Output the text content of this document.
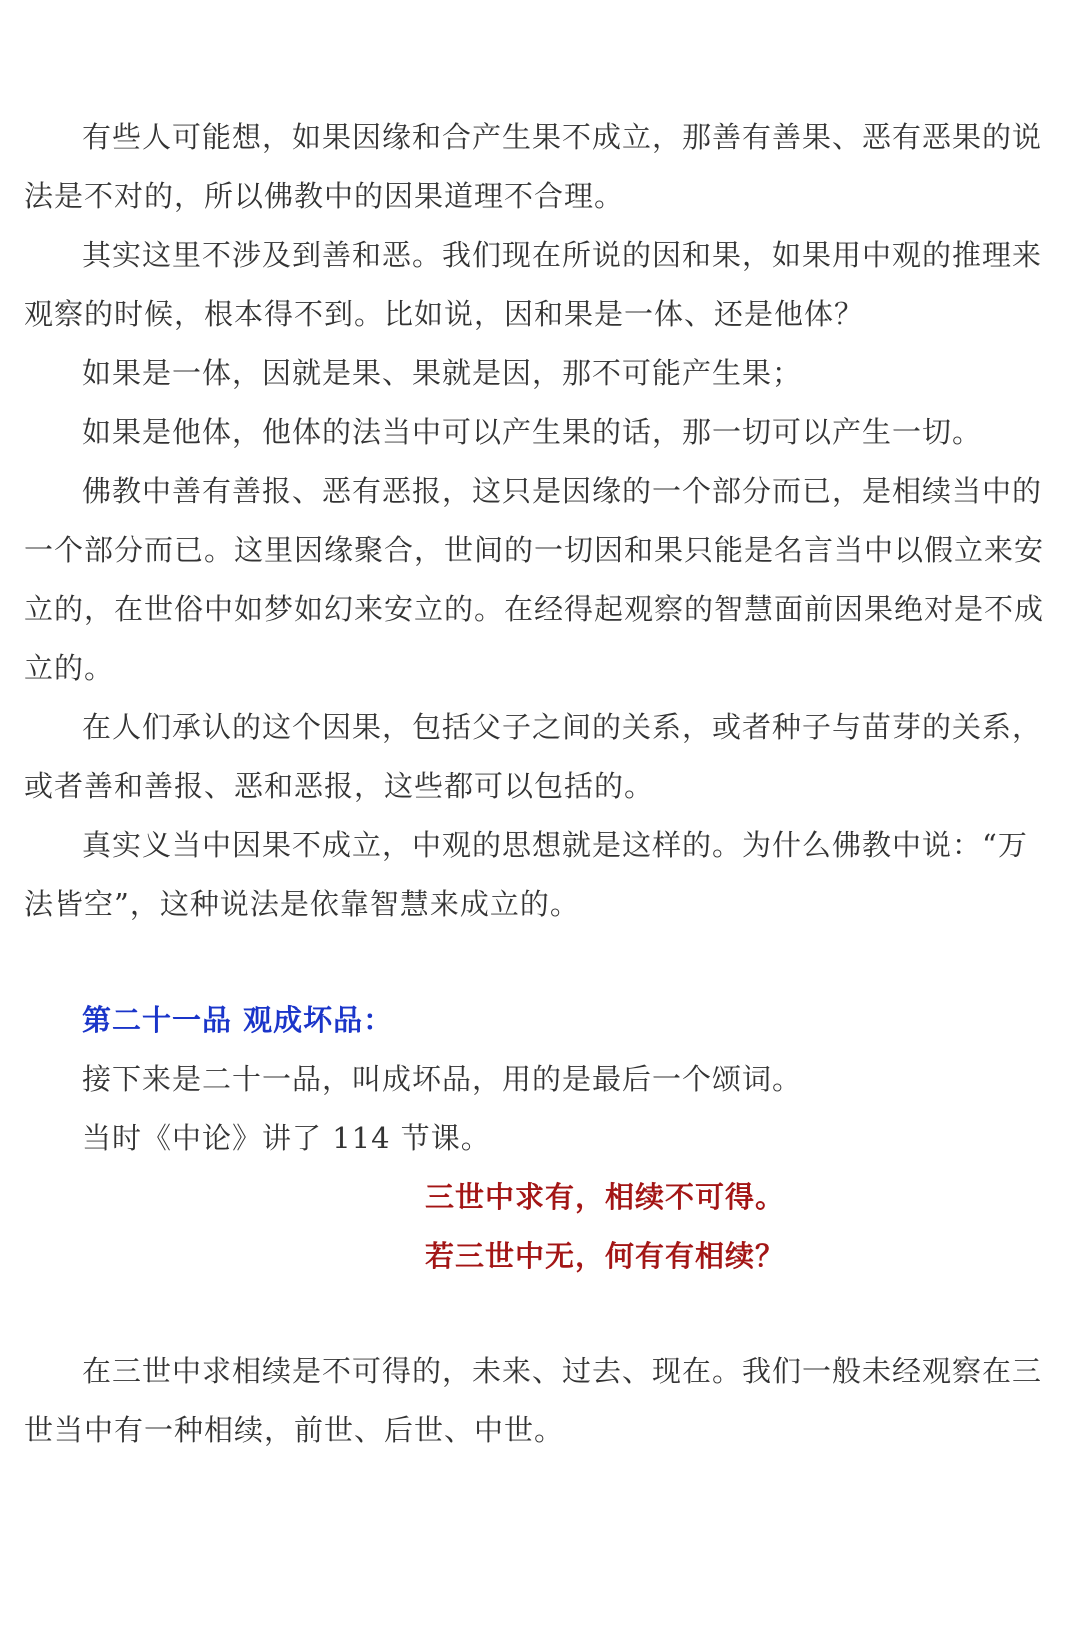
有些人可能想，如果因缘和合产生果不成立，那善有善果、恶有恶果的说法是不对的，所以佛教中的因果道理不合理。

其实这里不涉及到善和恶。我们现在所说的因和果，如果用中观的推理来观察的时候，根本得不到。比如说，因和果是一体、还是他体？

如果是一体，因就是果、果就是因，那不可能产生果；

如果是他体，他体的法当中可以产生果的话，那一切可以产生一切。

佛教中善有善报、恶有恶报，这只是因缘的一个部分而已，是相续当中的一个部分而已。这里因缘聚合，世间的一切因和果只能是名言当中以假立来安立的，在世俗中如梦如幻来安立的。在经得起观察的智慧面前因果绝对是不成立的。

在人们承认的这个因果，包括父子之间的关系，或者种子与苗芽的关系，或者善和善报、恶和恶报，这些都可以包括的。

真实义当中因果不成立，中观的思想就是这样的。为什么佛教中说：“万法皆空”，这种说法是依靠智慧来成立的。

第二十一品 观成坏品：

接下来是二十一品，叫成坏品，用的是最后一个颂词。

当时《中论》讲了 114 节课。

三世中求有，相续不可得。

若三世中无，何有有相续？

在三世中求相续是不可得的，未来、过去、现在。我们一般未经观察在三世当中有一种相续，前世、后世、中世。
